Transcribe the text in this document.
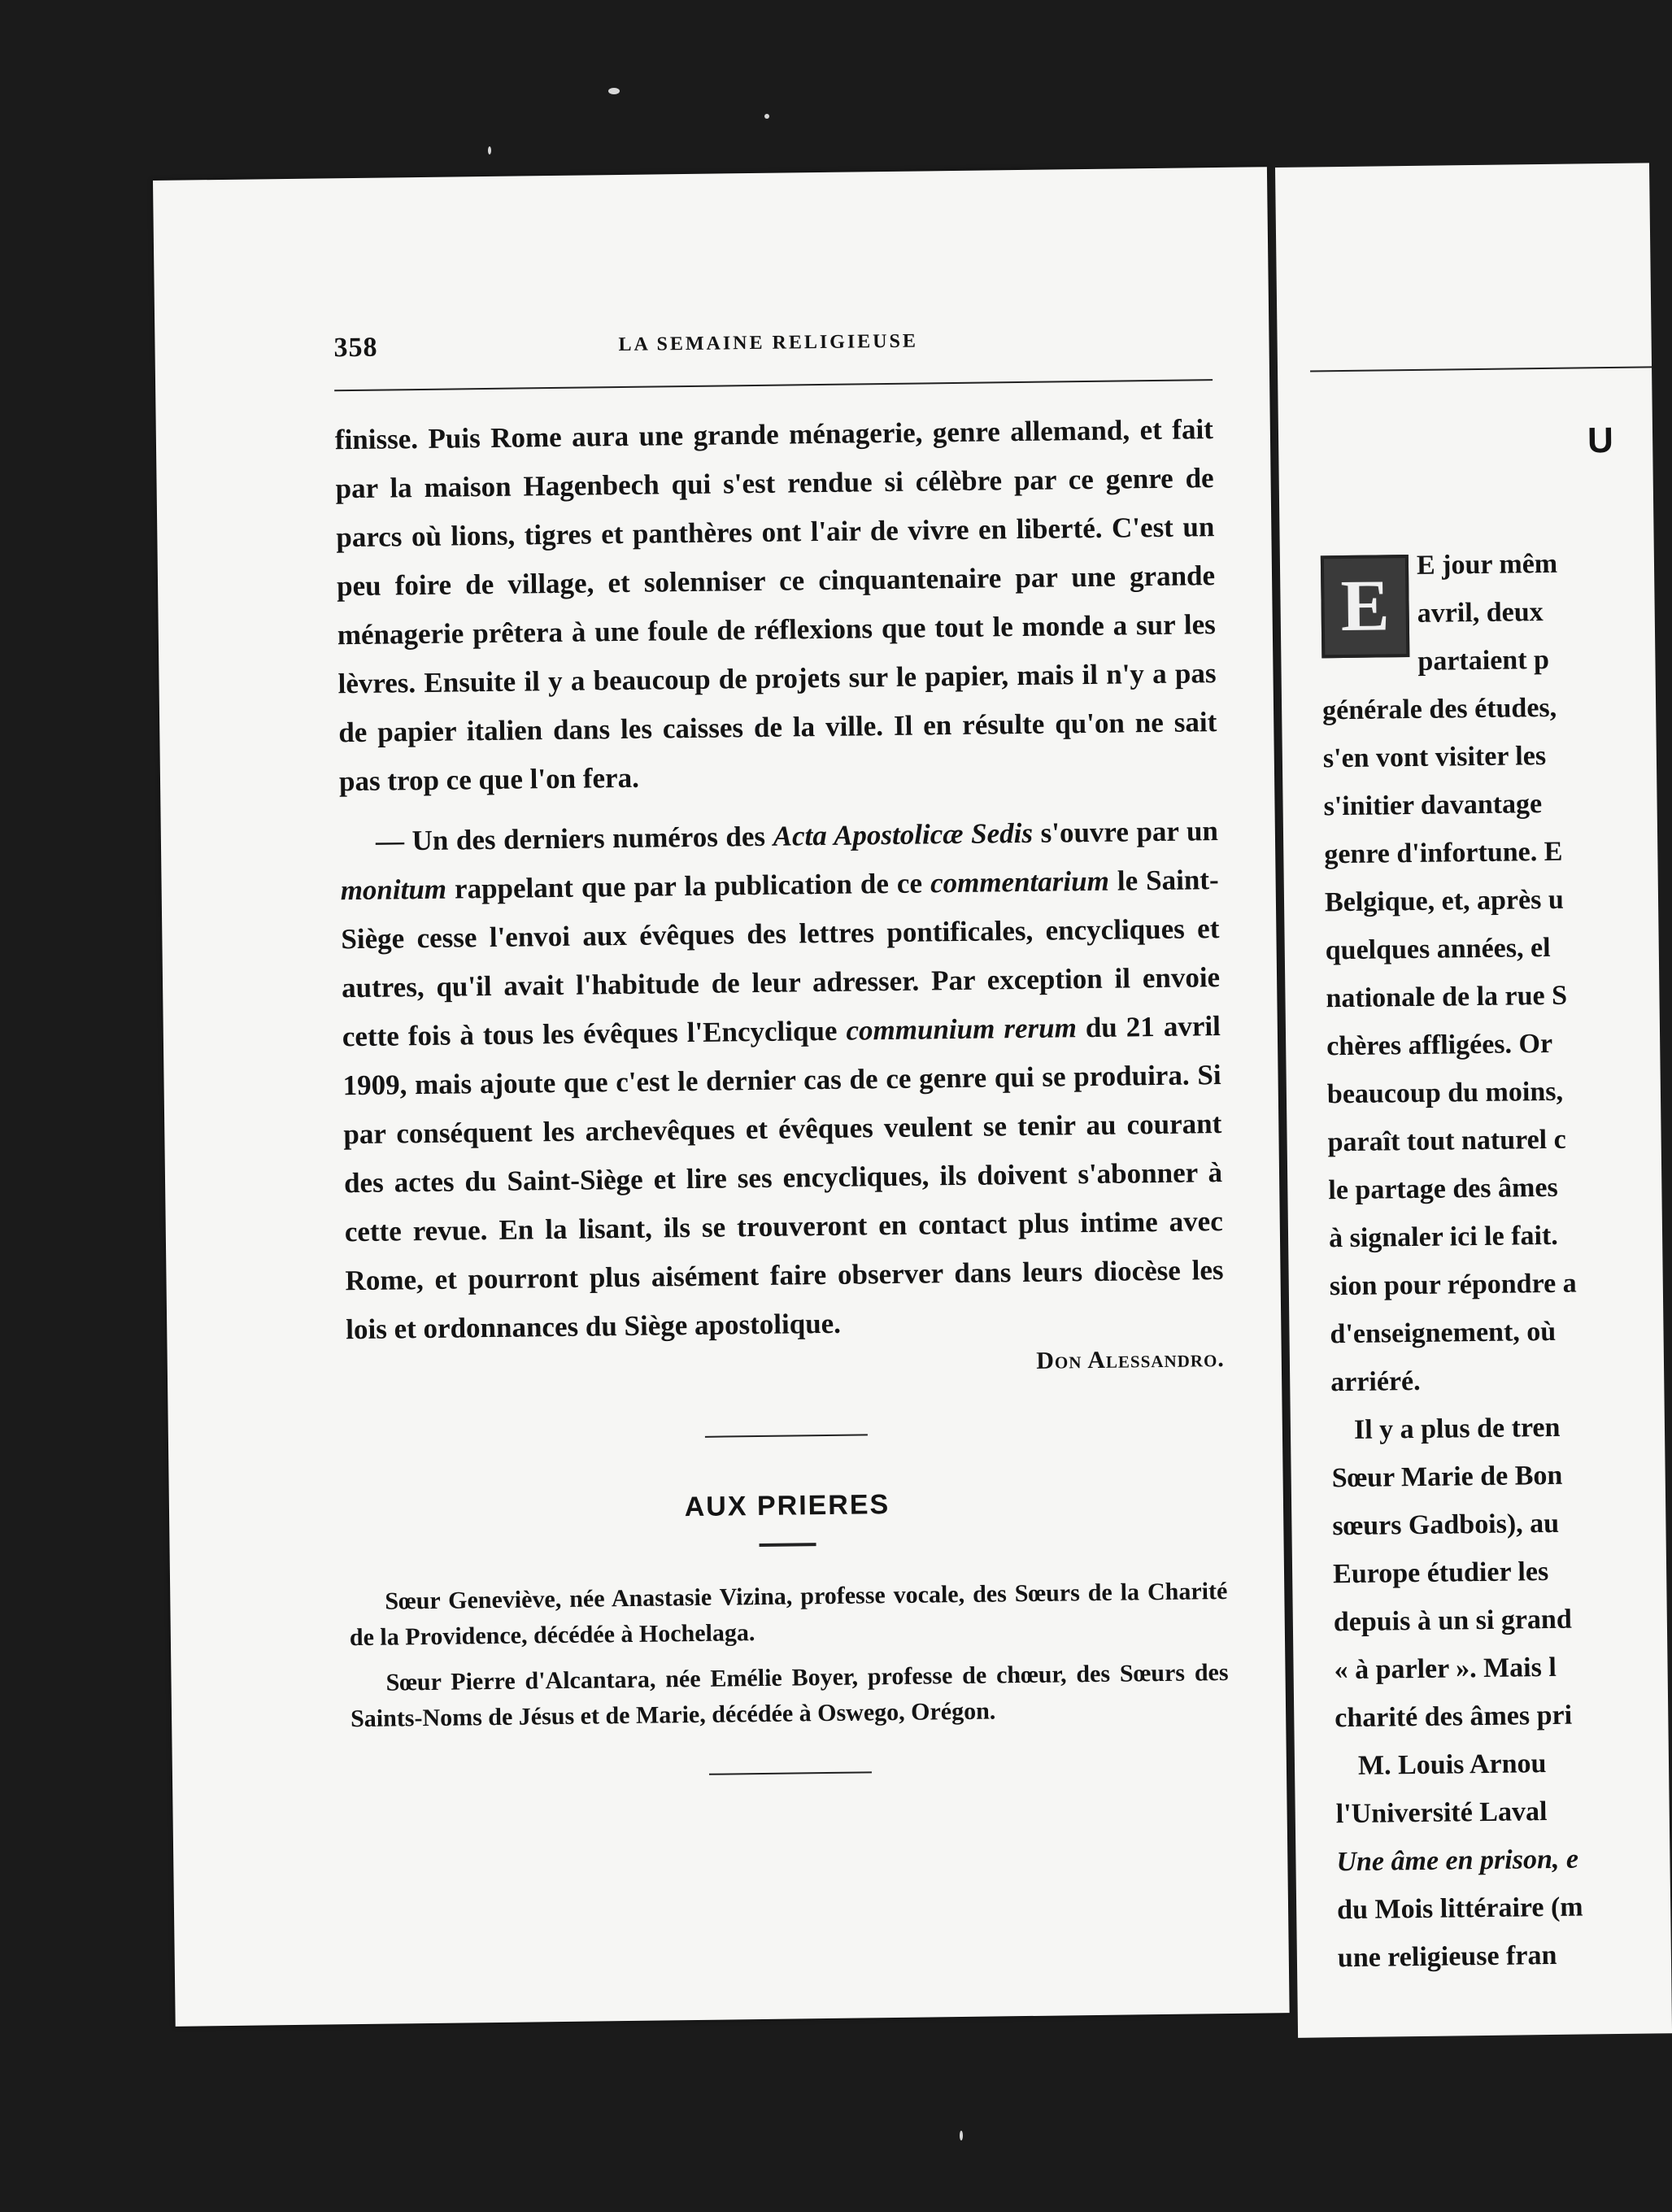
358	LA SEMAINE RELIGIEUSE

finisse. Puis Rome aura une grande ménagerie, genre allemand, et fait par la maison Hagenbech qui s'est rendue si célèbre par ce genre de parcs où lions, tigres et panthères ont l'air de vivre en liberté. C'est un peu foire de village, et solenniser ce cinquantenaire par une grande ménagerie prêtera à une foule de réflexions que tout le monde a sur les lèvres. Ensuite il y a beaucoup de projets sur le papier, mais il n'y a pas de papier italien dans les caisses de la ville. Il en résulte qu'on ne sait pas trop ce que l'on fera.

— Un des derniers numéros des Acta Apostolicæ Sedis s'ouvre par un monitum rappelant que par la publication de ce commentarium le Saint-Siège cesse l'envoi aux évêques des lettres pontificales, encycliques et autres, qu'il avait l'habitude de leur adresser. Par exception il envoie cette fois à tous les évêques l'Encyclique communium rerum du 21 avril 1909, mais ajoute que c'est le dernier cas de ce genre qui se produira. Si par conséquent les archevêques et évêques veulent se tenir au courant des actes du Saint-Siège et lire ses encycliques, ils doivent s'abonner à cette revue. En la lisant, ils se trouveront en contact plus intime avec Rome, et pourront plus aisément faire observer dans leurs diocèse les lois et ordonnances du Siège apostolique.

Don Alessandro.
AUX PRIERES

Sœur Geneviève, née Anastasie Vizina, professe vocale, des Sœurs de la Charité de la Providence, décédée à Hochelaga.

Sœur Pierre d'Alcantara, née Emélie Boyer, professe de chœur, des Sœurs des Saints-Noms de Jésus et de Marie, décédée à Oswego, Orégon.

U
E
E jour mêm
avril, deux
partaient p
générale des études,
s'en vont visiter les
s'initier davantage
genre d'infortune. E
Belgique, et, après u
quelques années, el
nationale de la rue S
chères affligées. Or
beaucoup du moins,
paraît tout naturel c
le partage des âmes
à signaler ici le fait.
sion pour répondre a
d'enseignement, où
arriéré.
Il y a plus de tren
Sœur Marie de Bon
sœurs Gadbois), au
Europe étudier les
depuis à un si grand
« à parler ». Mais l
charité des âmes pri
M. Louis Arnou
l'Université Laval
Une âme en prison, e
du Mois littéraire (m
une religieuse fran
